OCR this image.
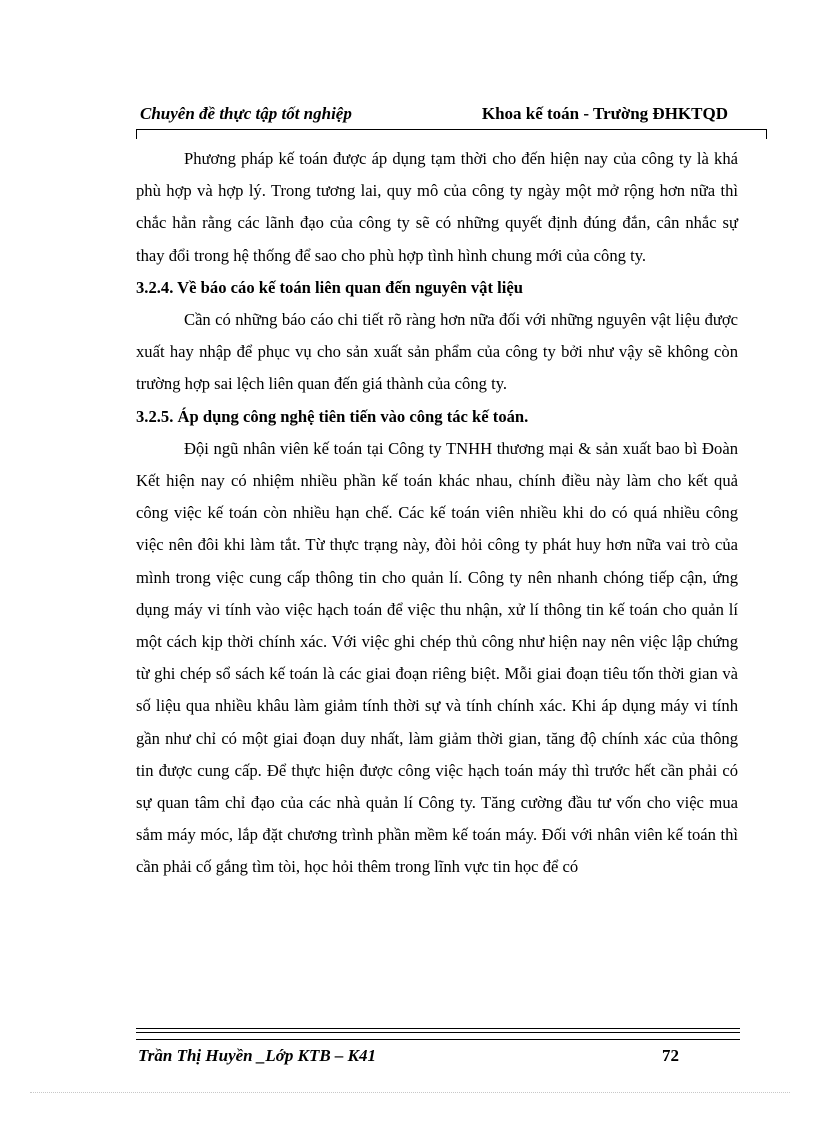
Chuyên đề thực tập tốt nghiệp	Khoa kế toán - Trường ĐHKTQD

Phương pháp kế toán được áp dụng tạm thời cho đến hiện nay của công ty là khá phù hợp và hợp lý. Trong tương lai, quy mô của công ty ngày một mở rộng hơn nữa thì chắc hẳn rằng các lãnh đạo của công ty sẽ có những quyết định đúng đắn, cân nhắc sự thay đổi trong hệ thống để sao cho phù hợp tình hình chung mới của công ty.

3.2.4. Về báo cáo kế toán liên quan đến nguyên vật liệu

Cần có những báo cáo chi tiết rõ ràng hơn nữa đối với những nguyên vật liệu được xuất hay nhập để phục vụ cho sản xuất sản phẩm của công ty bởi như vậy sẽ không còn trường hợp sai lệch liên quan đến giá thành của công ty.

3.2.5. Áp dụng công nghệ tiên tiến vào công tác kế toán.

Đội ngũ nhân viên kế toán tại Công ty TNHH thương mại & sản xuất bao bì Đoàn Kết hiện nay có nhiệm nhiều phần kế toán khác nhau, chính điều này làm cho kết quả công việc kế toán còn nhiều hạn chế. Các kế toán viên nhiều khi do có quá nhiều công việc nên đôi khi làm tắt. Từ thực trạng này, đòi hỏi công ty phát huy hơn nữa vai trò của mình trong việc cung cấp thông tin cho quản lí. Công ty nên nhanh chóng tiếp cận, ứng dụng máy vi tính vào việc hạch toán để việc thu nhận, xử lí thông tin kế toán cho quản lí một cách kịp thời chính xác. Với việc ghi chép thủ công như hiện nay nên việc lập chứng từ ghi chép sổ sách kế toán là các giai đoạn riêng biệt. Mỗi giai đoạn tiêu tốn thời gian và số liệu qua nhiều khâu làm giảm tính thời sự và tính chính xác. Khi áp dụng máy vi tính gần như chỉ có một giai đoạn duy nhất, làm giảm thời gian, tăng độ chính xác của thông tin được cung cấp. Để thực hiện được công việc hạch toán máy thì trước hết cần phải có sự quan tâm chỉ đạo của các nhà quản lí Công ty. Tăng cường đầu tư vốn cho việc mua sắm máy móc, lắp đặt chương trình phần mềm kế toán máy. Đối với nhân viên kế toán thì cần phải cố gắng tìm tòi, học hỏi thêm trong lĩnh vực tin học để có

Trần Thị Huyền _Lớp KTB – K41	72
